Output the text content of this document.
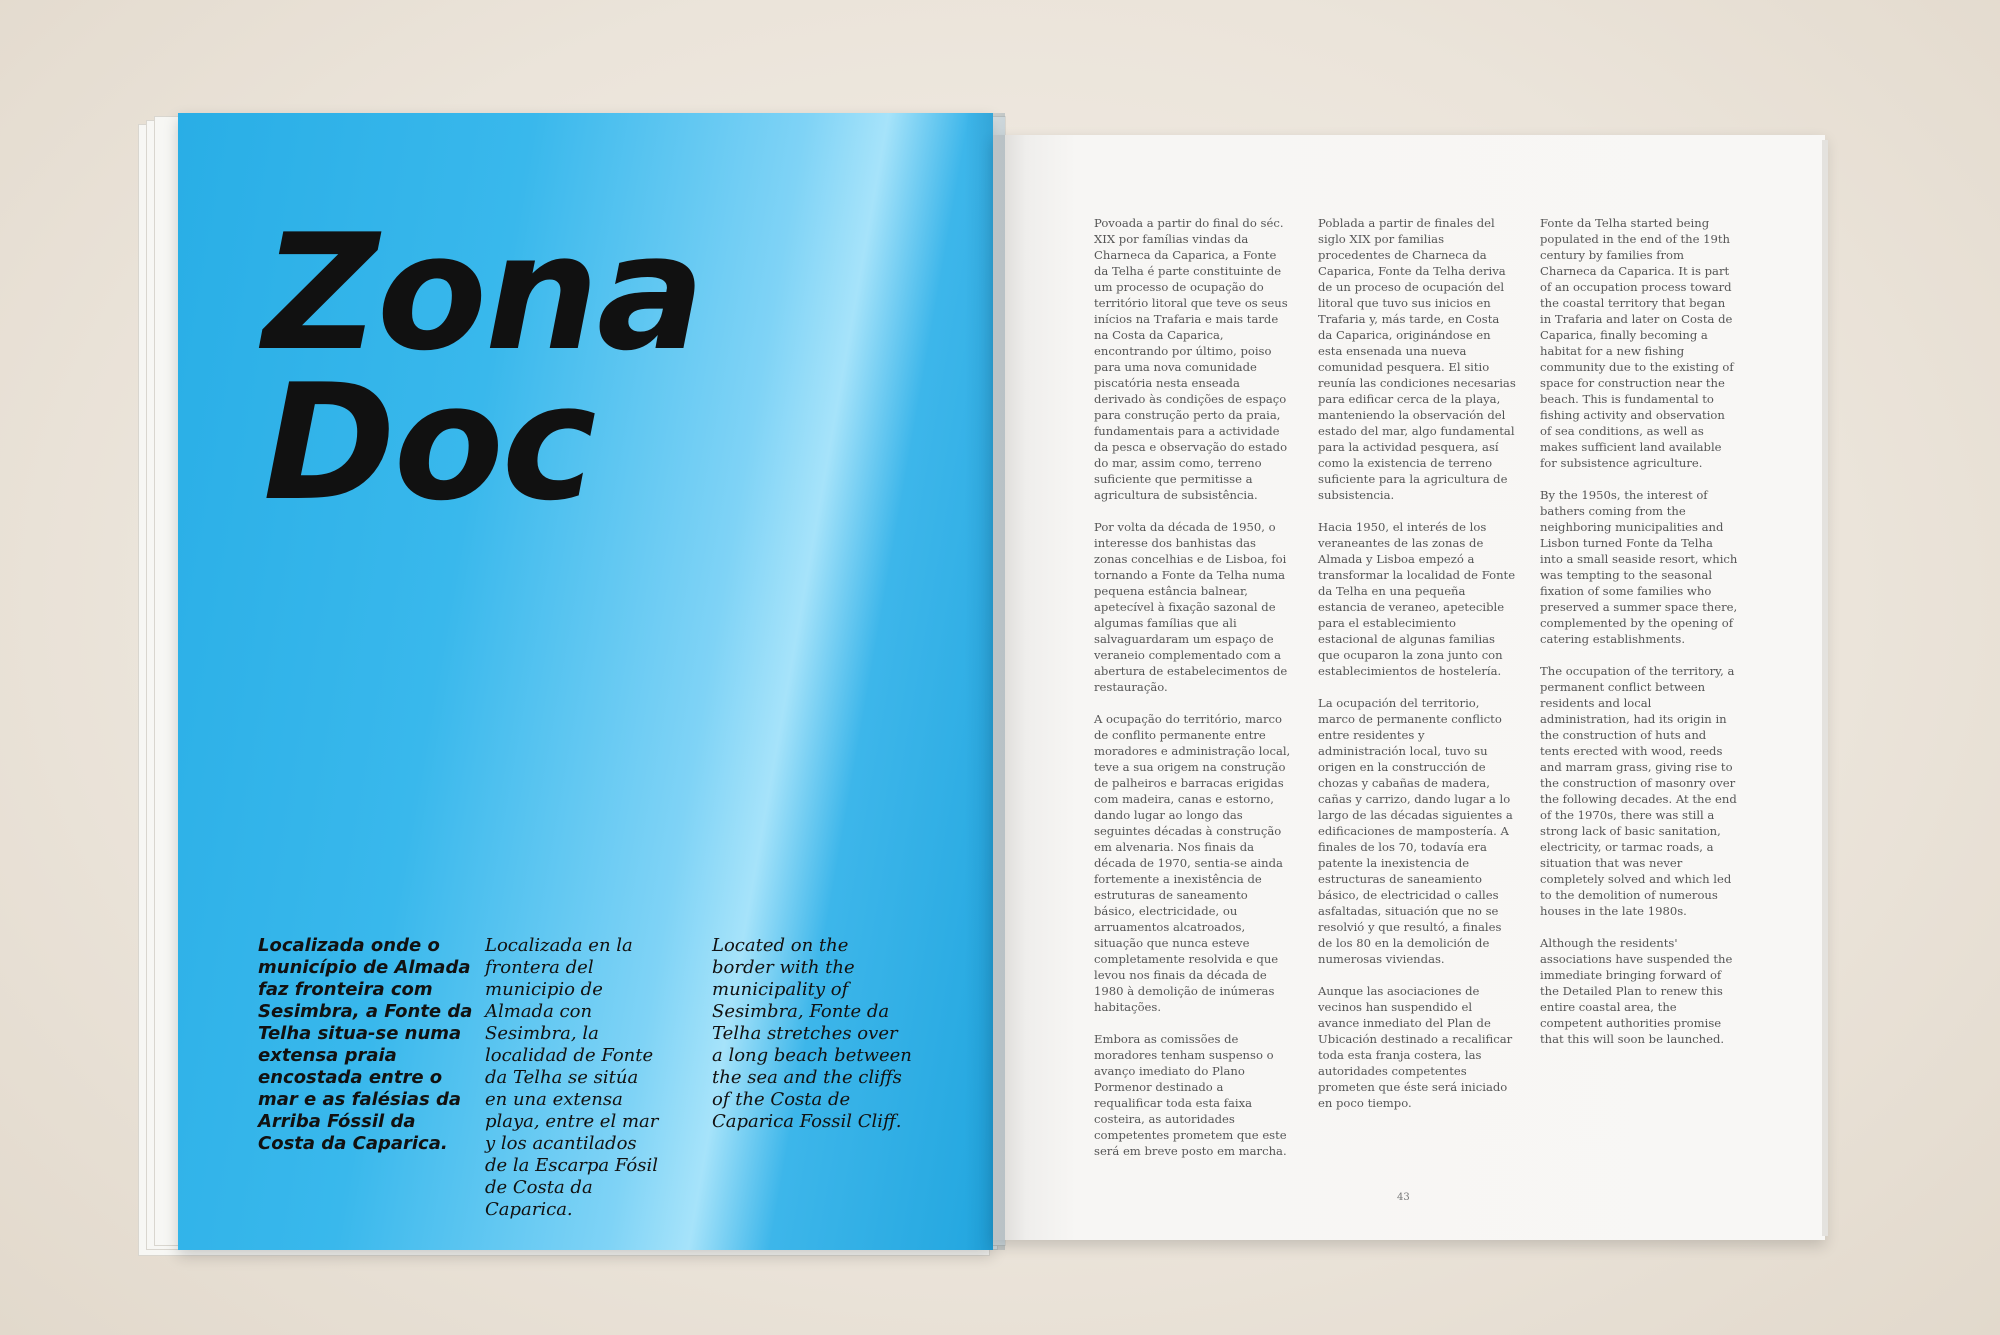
Zona
Doc

Localizada onde o município de Almada faz fronteira com Sesimbra, a Fonte da Telha situa-se numa extensa praia encostada entre o mar e as falésias da Arriba Fóssil da Costa da Caparica.

Localizada en la frontera del municipio de Almada con Sesimbra, la localidad de Fonte da Telha se sitúa en una extensa playa, entre el mar y los acantilados de la Escarpa Fósil de Costa da Caparica.

Located on the border with the municipality of Sesimbra, Fonte da Telha stretches over a long beach between the sea and the cliffs of the Costa de Caparica Fossil Cliff.

Povoada a partir do final do séc. XIX por famílias vindas da Charneca da Caparica, a Fonte da Telha é parte constituinte de um processo de ocupação do território litoral que teve os seus inícios na Trafaria e mais tarde na Costa da Caparica, encontrando por último, poiso para uma nova comunidade piscatória nesta enseada derivado às condições de espaço para construção perto da praia, fundamentais para a actividade da pesca e observação do estado do mar, assim como, terreno suficiente que permitisse a agricultura de subsistência.

Por volta da década de 1950, o interesse dos banhistas das zonas concelhias e de Lisboa, foi tornando a Fonte da Telha numa pequena estância balnear, apetecível à fixação sazonal de algumas famílias que ali salvaguardaram um espaço de veraneio complementado com a abertura de estabelecimentos de restauração.

A ocupação do território, marco de conflito permanente entre moradores e administração local, teve a sua origem na construção de palheiros e barracas erigidas com madeira, canas e estorno, dando lugar ao longo das seguintes décadas à construção em alvenaria. Nos finais da década de 1970, sentia-se ainda fortemente a inexistência de estruturas de saneamento básico, electricidade, ou arruamentos alcatroados, situação que nunca esteve completamente resolvida e que levou nos finais da década de 1980 à demolição de inúmeras habitações.

Embora as comissões de moradores tenham suspenso o avanço imediato do Plano Pormenor destinado a requalificar toda esta faixa costeira, as autoridades competentes prometem que este será em breve posto em marcha.

Poblada a partir de finales del siglo XIX por familias procedentes de Charneca da Caparica, Fonte da Telha deriva de un proceso de ocupación del litoral que tuvo sus inicios en Trafaria y, más tarde, en Costa da Caparica, originándose en esta ensenada una nueva comunidad pesquera. El sitio reunía las condiciones necesarias para edificar cerca de la playa, manteniendo la observación del estado del mar, algo fundamental para la actividad pesquera, así como la existencia de terreno suficiente para la agricultura de subsistencia.

Hacia 1950, el interés de los veraneantes de las zonas de Almada y Lisboa empezó a transformar la localidad de Fonte da Telha en una pequeña estancia de veraneo, apetecible para el establecimiento estacional de algunas familias que ocuparon la zona junto con establecimientos de hostelería.

La ocupación del territorio, marco de permanente conflicto entre residentes y administración local, tuvo su origen en la construcción de chozas y cabañas de madera, cañas y carrizo, dando lugar a lo largo de las décadas siguientes a edificaciones de mampostería. A finales de los 70, todavía era patente la inexistencia de estructuras de saneamiento básico, de electricidad o calles asfaltadas, situación que no se resolvió y que resultó, a finales de los 80 en la demolición de numerosas viviendas.

Aunque las asociaciones de vecinos han suspendido el avance inmediato del Plan de Ubicación destinado a recalificar toda esta franja costera, las autoridades competentes prometen que éste será iniciado en poco tiempo.

Fonte da Telha started being populated in the end of the 19th century by families from Charneca da Caparica. It is part of an occupation process toward the coastal territory that began in Trafaria and later on Costa de Caparica, finally becoming a habitat for a new fishing community due to the existing of space for construction near the beach. This is fundamental to fishing activity and observation of sea conditions, as well as makes sufficient land available for subsistence agriculture.

By the 1950s, the interest of bathers coming from the neighboring municipalities and Lisbon turned Fonte da Telha into a small seaside resort, which was tempting to the seasonal fixation of some families who preserved a summer space there, complemented by the opening of catering establishments.

The occupation of the territory, a permanent conflict between residents and local administration, had its origin in the construction of huts and tents erected with wood, reeds and marram grass, giving rise to the construction of masonry over the following decades. At the end of the 1970s, there was still a strong lack of basic sanitation, electricity, or tarmac roads, a situation that was never completely solved and which led to the demolition of numerous houses in the late 1980s.

Although the residents' associations have suspended the immediate bringing forward of the Detailed Plan to renew this entire coastal area, the competent authorities promise that this will soon be launched.

43
